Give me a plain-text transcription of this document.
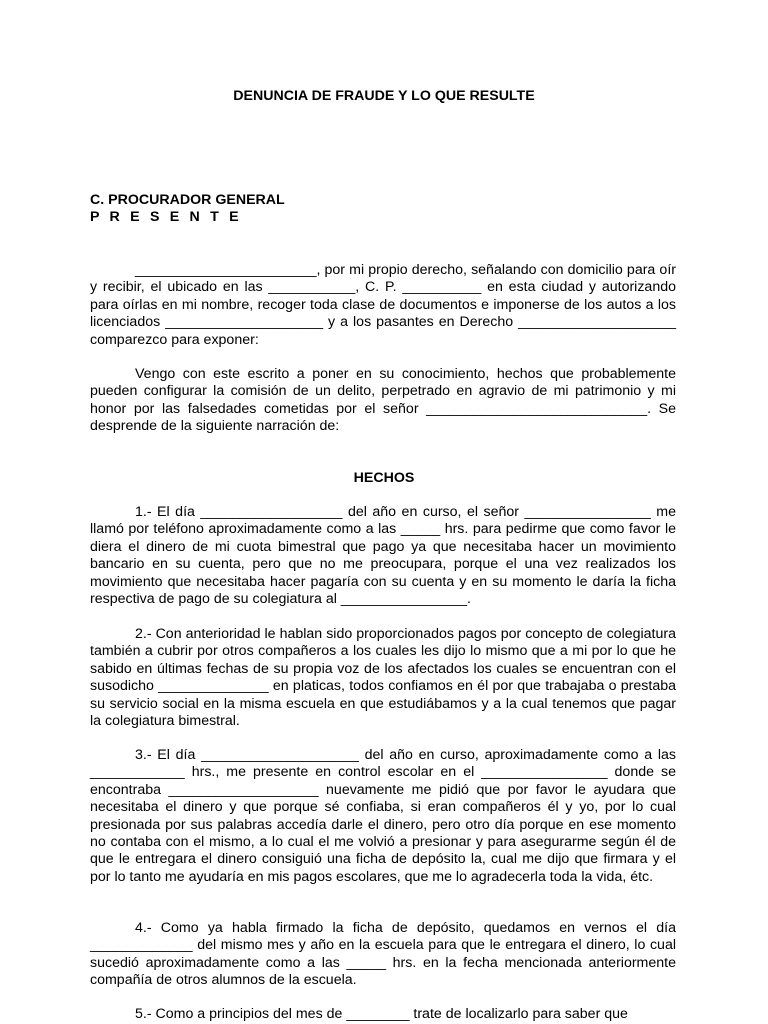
DENUNCIA DE FRAUDE Y LO QUE RESULTE
C. PROCURADOR GENERAL
P R E S E N T E

_______________________, por mi propio derecho, señalando con domicilio para oír y recibir, el ubicado en las ___________, C. P. __________ en esta ciudad y autorizando para oírlas en mi nombre, recoger toda clase de documentos e imponerse de los autos a los licenciados ____________________ y a los pasantes en Derecho ____________________ comparezco para exponer:

Vengo con este escrito a poner en su conocimiento, hechos que probablemente pueden configurar la comisión de un delito, perpetrado en agravio de mi patrimonio y mi honor por las falsedades cometidas por el señor ____________________________. Se desprende de la siguiente narración de:

HECHOS

1.- El día __________________ del año en curso, el señor ________________ me llamó por teléfono aproximadamente como a las _____ hrs. para pedirme que como favor le diera el dinero de mi cuota bimestral que pago ya que necesitaba hacer un movimiento bancario en su cuenta, pero que no me preocupara, porque el una vez realizados los movimiento que necesitaba hacer pagaría con su cuenta y en su momento le daría la ficha respectiva de pago de su colegiatura al ________________.

2.- Con anterioridad le hablan sido proporcionados pagos por concepto de colegiatura también a cubrir por otros compañeros a los cuales les dijo lo mismo que a mi por lo que he sabido en últimas fechas de su propia voz de los afectados los cuales se encuentran con el susodicho ______________ en platicas, todos confiamos en él por que trabajaba o prestaba su servicio social en la misma escuela en que estudiábamos y a la cual tenemos que pagar la colegiatura bimestral.

3.- El día ____________________ del año en curso, aproximadamente como a las ____________ hrs., me presente en control escolar en el ________________ donde se encontraba ___________________ nuevamente me pidió que por favor le ayudara que necesitaba el dinero y que porque sé confiaba, si eran compañeros él y yo, por lo cual presionada por sus palabras accedía darle el dinero, pero otro día porque en ese momento no contaba con el mismo, a lo cual el me volvió a presionar y para asegurarme según él de que le entregara el dinero consiguió una ficha de depósito la, cual me dijo que firmara y el por lo tanto me ayudaría en mis pagos escolares, que me lo agradecerla toda la vida, étc.

4.- Como ya habla firmado la ficha de depósito, quedamos en vernos el día _____________ del mismo mes y año en la escuela para que le entregara el dinero, lo cual sucedió aproximadamente como a las _____ hrs. en la fecha mencionada anteriormente compañía de otros alumnos de la escuela.

5.- Como a principios del mes de ________ trate de localizarlo para saber que
